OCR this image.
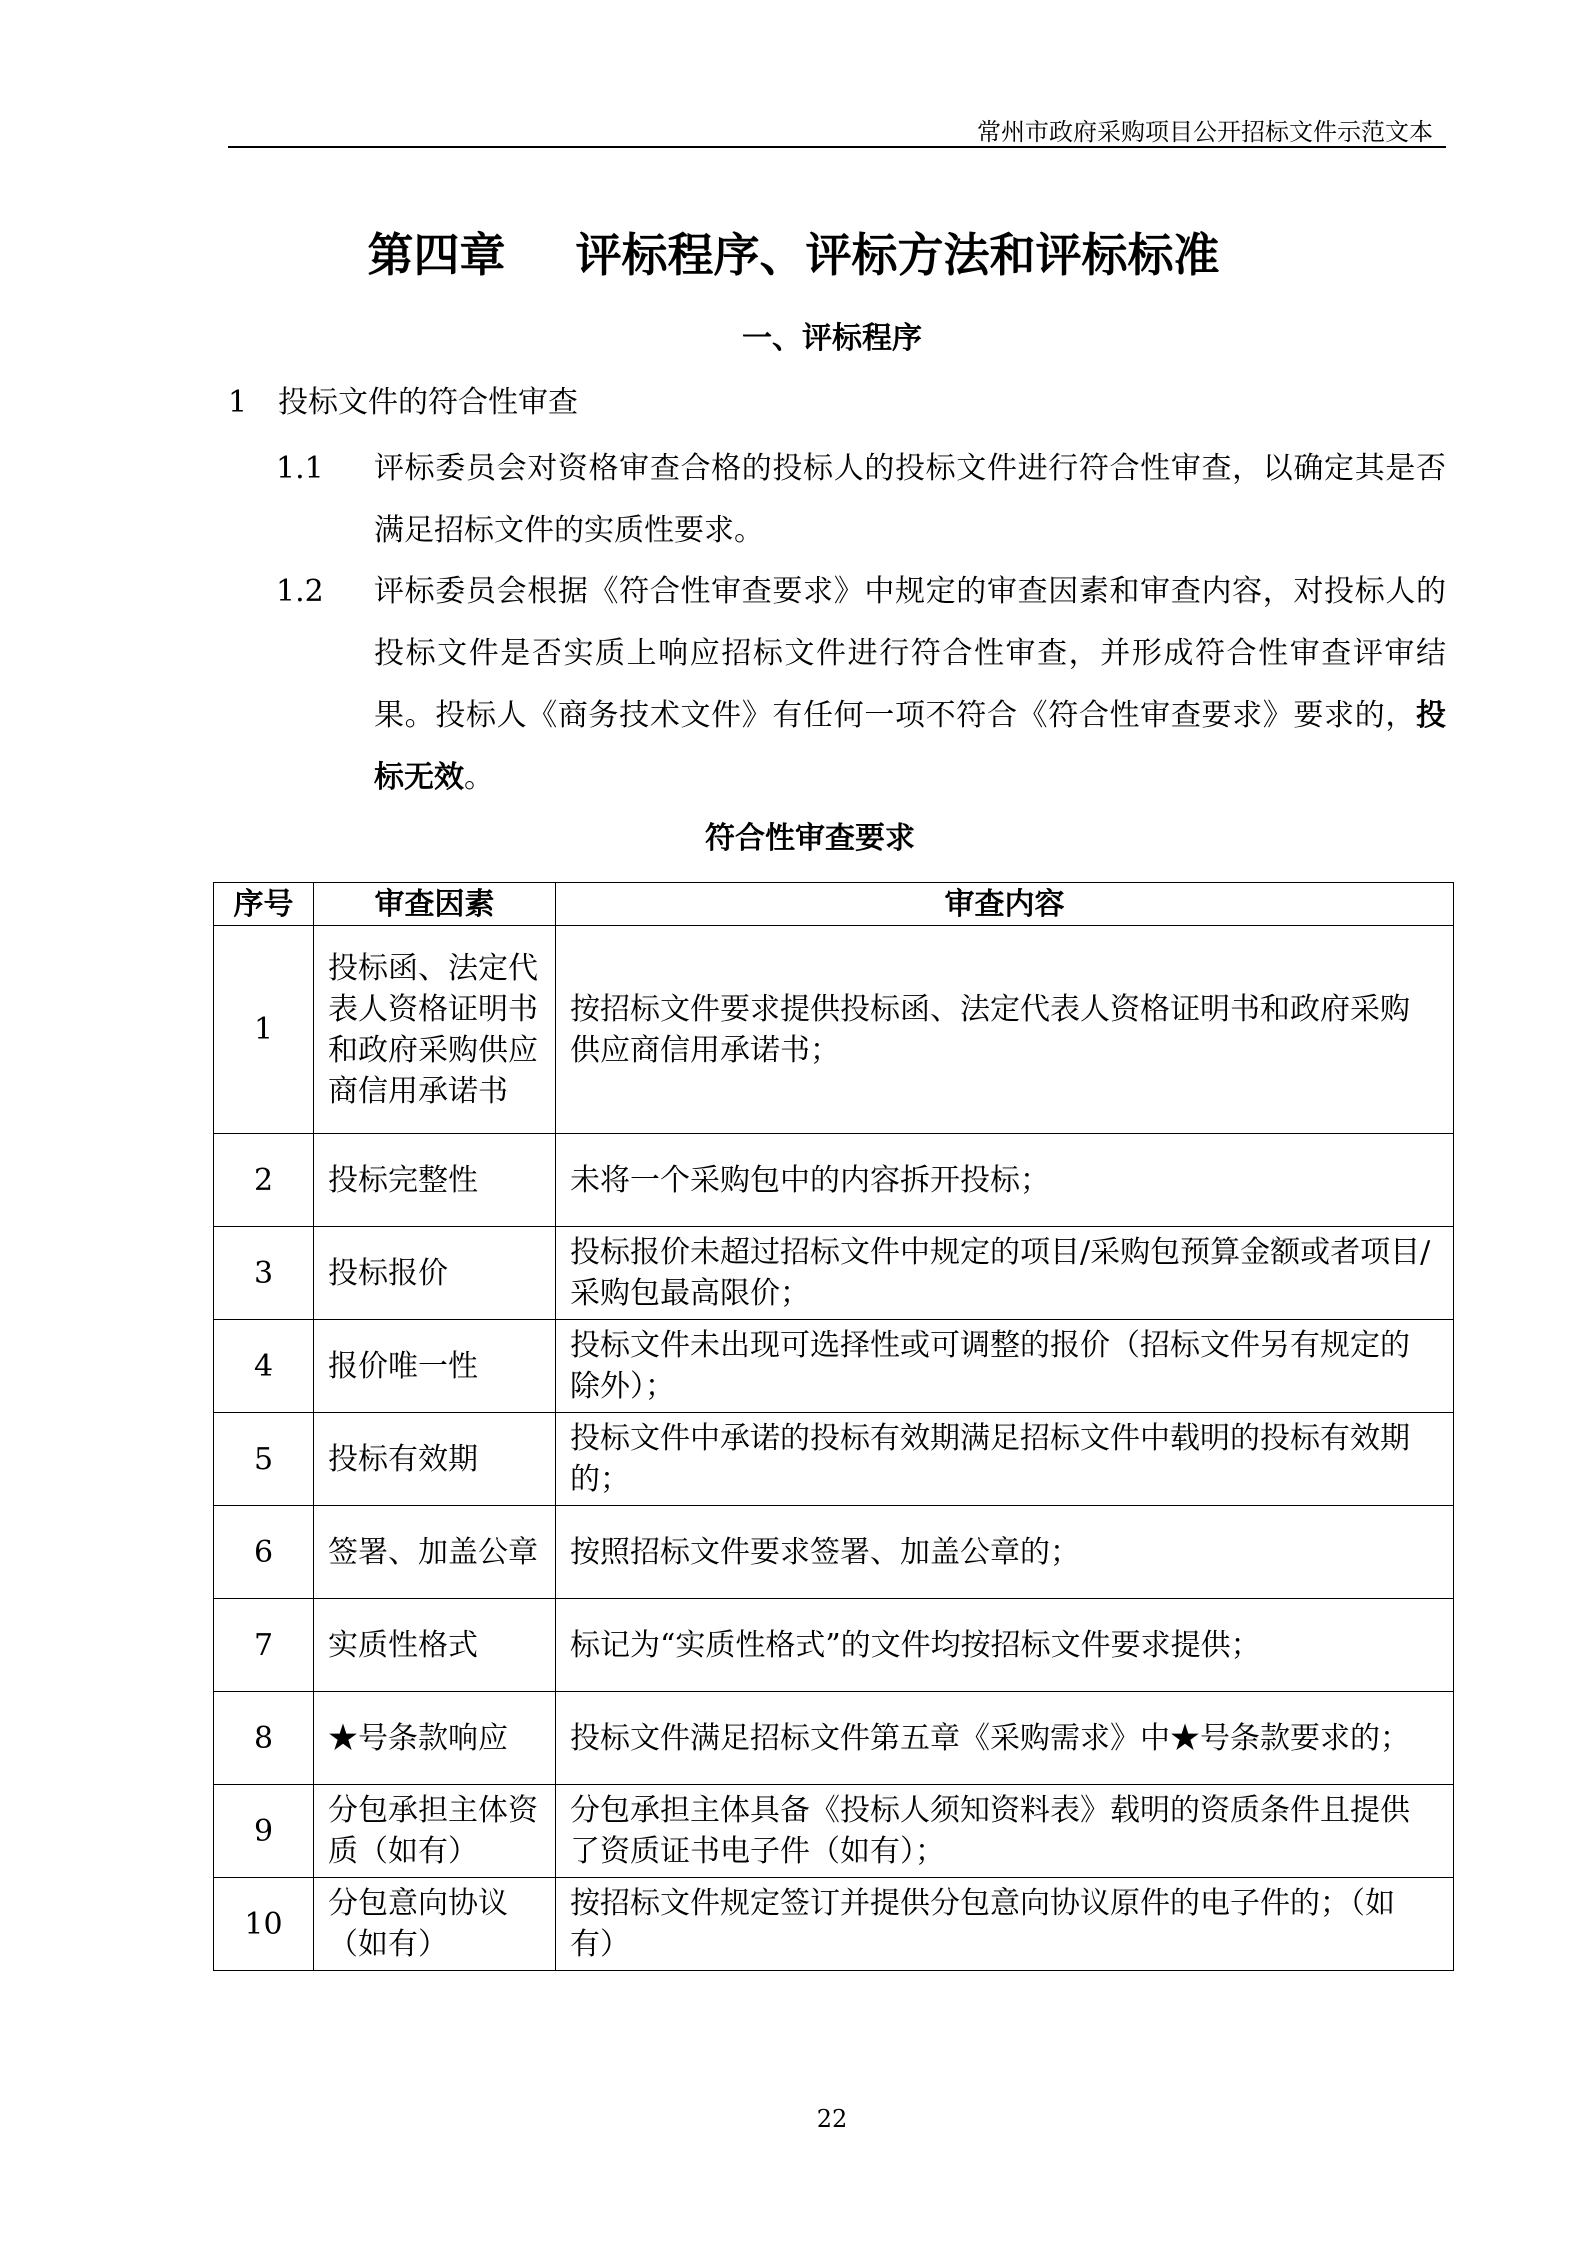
常州市政府采购项目公开招标文件示范文本
第四章 评标程序、评标方法和评标标准
一、评标程序
1 投标文件的符合性审查
1.1 评标委员会对资格审查合格的投标人的投标文件进行符合性审查，以确定其是否满足招标文件的实质性要求。
1.2 评标委员会根据《符合性审查要求》中规定的审查因素和审查内容，对投标人的投标文件是否实质上响应招标文件进行符合性审查，并形成符合性审查评审结果。投标人《商务技术文件》有任何一项不符合《符合性审查要求》要求的，投标无效。
符合性审查要求
序号	审查因素	审查内容
1	投标函、法定代表人资格证明书和政府采购供应商信用承诺书	按招标文件要求提供投标函、法定代表人资格证明书和政府采购供应商信用承诺书；
2	投标完整性	未将一个采购包中的内容拆开投标；
3	投标报价	投标报价未超过招标文件中规定的项目/采购包预算金额或者项目/采购包最高限价；
4	报价唯一性	投标文件未出现可选择性或可调整的报价（招标文件另有规定的除外）；
5	投标有效期	投标文件中承诺的投标有效期满足招标文件中载明的投标有效期的；
6	签署、加盖公章	按照招标文件要求签署、加盖公章的；
7	实质性格式	标记为“实质性格式”的文件均按招标文件要求提供；
8	★号条款响应	投标文件满足招标文件第五章《采购需求》中★号条款要求的；
9	分包承担主体资质（如有）	分包承担主体具备《投标人须知资料表》载明的资质条件且提供了资质证书电子件（如有）；
10	分包意向协议（如有）	按招标文件规定签订并提供分包意向协议原件的电子件的；（如有）
22
